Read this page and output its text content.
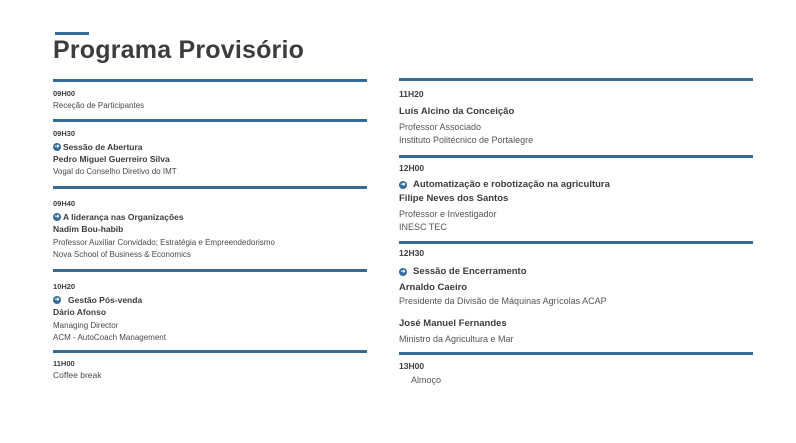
Programa Provisório
09H00
Receção de Participantes
09H30
➜ Sessão de Abertura
Pedro Miguel Guerreiro Silva
Vogal do Conselho Diretivo do IMT
09H40
➜ A liderança nas Organizações
Nadim Bou-habib
Professor Auxiliar Convidado; Estratégia e Empreendedorismo
Nova School of Business & Economics
10H20
➜ Gestão Pós-venda
Dário Afonso
Managing Director
ACM - AutoCoach Management
11H00
Coffee break
11H20
Luís Alcino da Conceição
Professor Associado
Instituto Politécnico de Portalegre
12H00
➜ Automatização e robotização na agricultura
Filipe Neves dos Santos
Professor e Investigador
INESC TEC
12H30
➜ Sessão de Encerramento
Arnaldo Caeiro
Presidente da Divisão de Máquinas Agrícolas ACAP
José Manuel Fernandes
Ministro da Agricultura e Mar
13H00
Almoço
